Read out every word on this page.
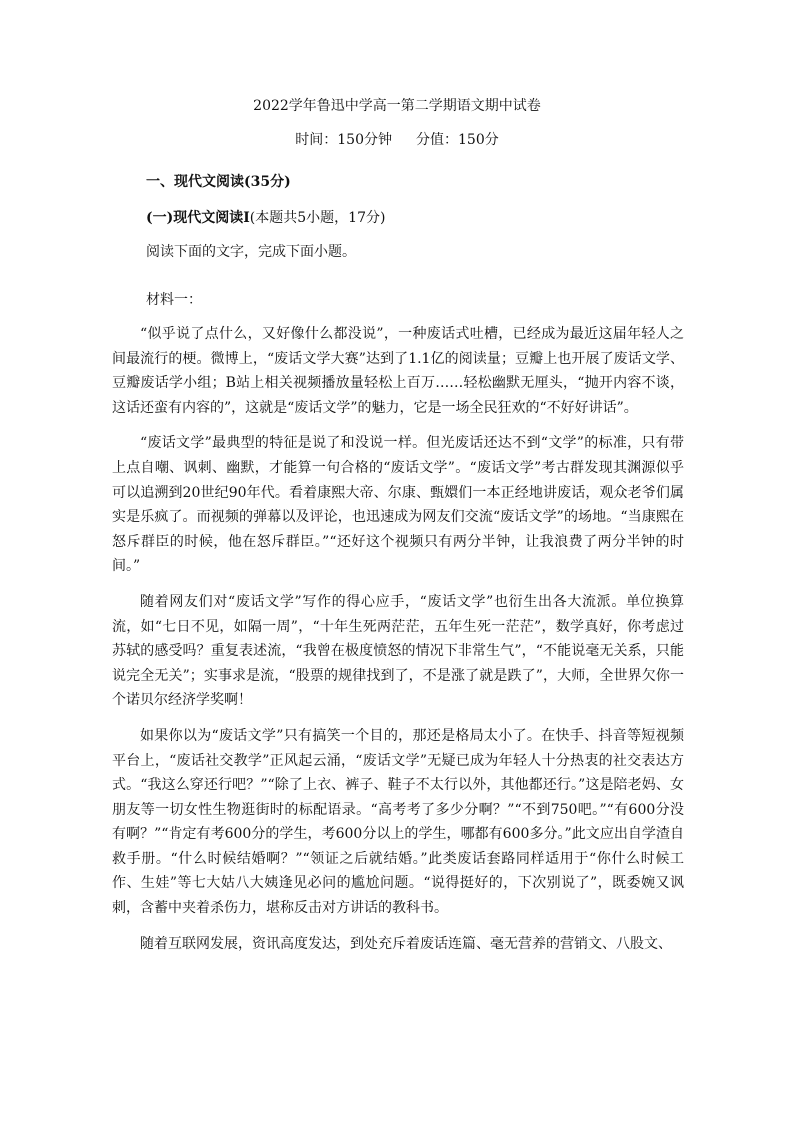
2022学年鲁迅中学高一第二学期语文期中试卷
时间：150分钟 分值：150分
一、现代文阅读(35分)
(一)现代文阅读Ⅰ(本题共5小题，17分)
阅读下面的文字，完成下面小题。
材料一：

“似乎说了点什么，又好像什么都没说”，一种废话式吐槽，已经成为最近这届年轻人之间最流行的梗。微博上，“废话文学大赛”达到了1.1亿的阅读量；豆瓣上也开展了废话文学、豆瓣废话学小组；B站上相关视频播放量轻松上百万……轻松幽默无厘头，“抛开内容不谈，这话还蛮有内容的”，这就是“废话文学”的魅力，它是一场全民狂欢的“不好好讲话”。

“废话文学”最典型的特征是说了和没说一样。但光废话还达不到“文学”的标准，只有带上点自嘲、讽刺、幽默，才能算一句合格的“废话文学”。“废话文学”考古群发现其渊源似乎可以追溯到20世纪90年代。看着康熙大帝、尔康、甄嬛们一本正经地讲废话，观众老爷们属实是乐疯了。而视频的弹幕以及评论，也迅速成为网友们交流“废话文学”的场地。“当康熙在怒斥群臣的时候，他在怒斥群臣。”“还好这个视频只有两分半钟，让我浪费了两分半钟的时间。”

随着网友们对“废话文学”写作的得心应手，“废话文学”也衍生出各大流派。单位换算流，如“七日不见，如隔一周”，“十年生死两茫茫，五年生死一茫茫”，数学真好，你考虑过苏轼的感受吗？重复表述流，“我曾在极度愤怒的情况下非常生气”，“不能说毫无关系，只能说完全无关”；实事求是流，“股票的规律找到了，不是涨了就是跌了”，大师，全世界欠你一个诺贝尔经济学奖啊！

如果你以为“废话文学”只有搞笑一个目的，那还是格局太小了。在快手、抖音等短视频平台上，“废话社交教学”正风起云涌，“废话文学”无疑已成为年轻人十分热衷的社交表达方式。“我这么穿还行吧？”“除了上衣、裤子、鞋子不太行以外，其他都还行。”这是陪老妈、女朋友等一切女性生物逛街时的标配语录。“高考考了多少分啊？”“不到750吧。”“有600分没有啊？”“肯定有考600分的学生，考600分以上的学生，哪都有600多分。”此文应出自学渣自救手册。“什么时候结婚啊？”“领证之后就结婚。”此类废话套路同样适用于“你什么时候工作、生娃”等七大姑八大姨逢见必问的尴尬问题。“说得挺好的，下次别说了”，既委婉又讽刺，含蓄中夹着杀伤力，堪称反击对方讲话的教科书。

随着互联网发展，资讯高度发达，到处充斥着废话连篇、毫无营养的营销文、八股文、
